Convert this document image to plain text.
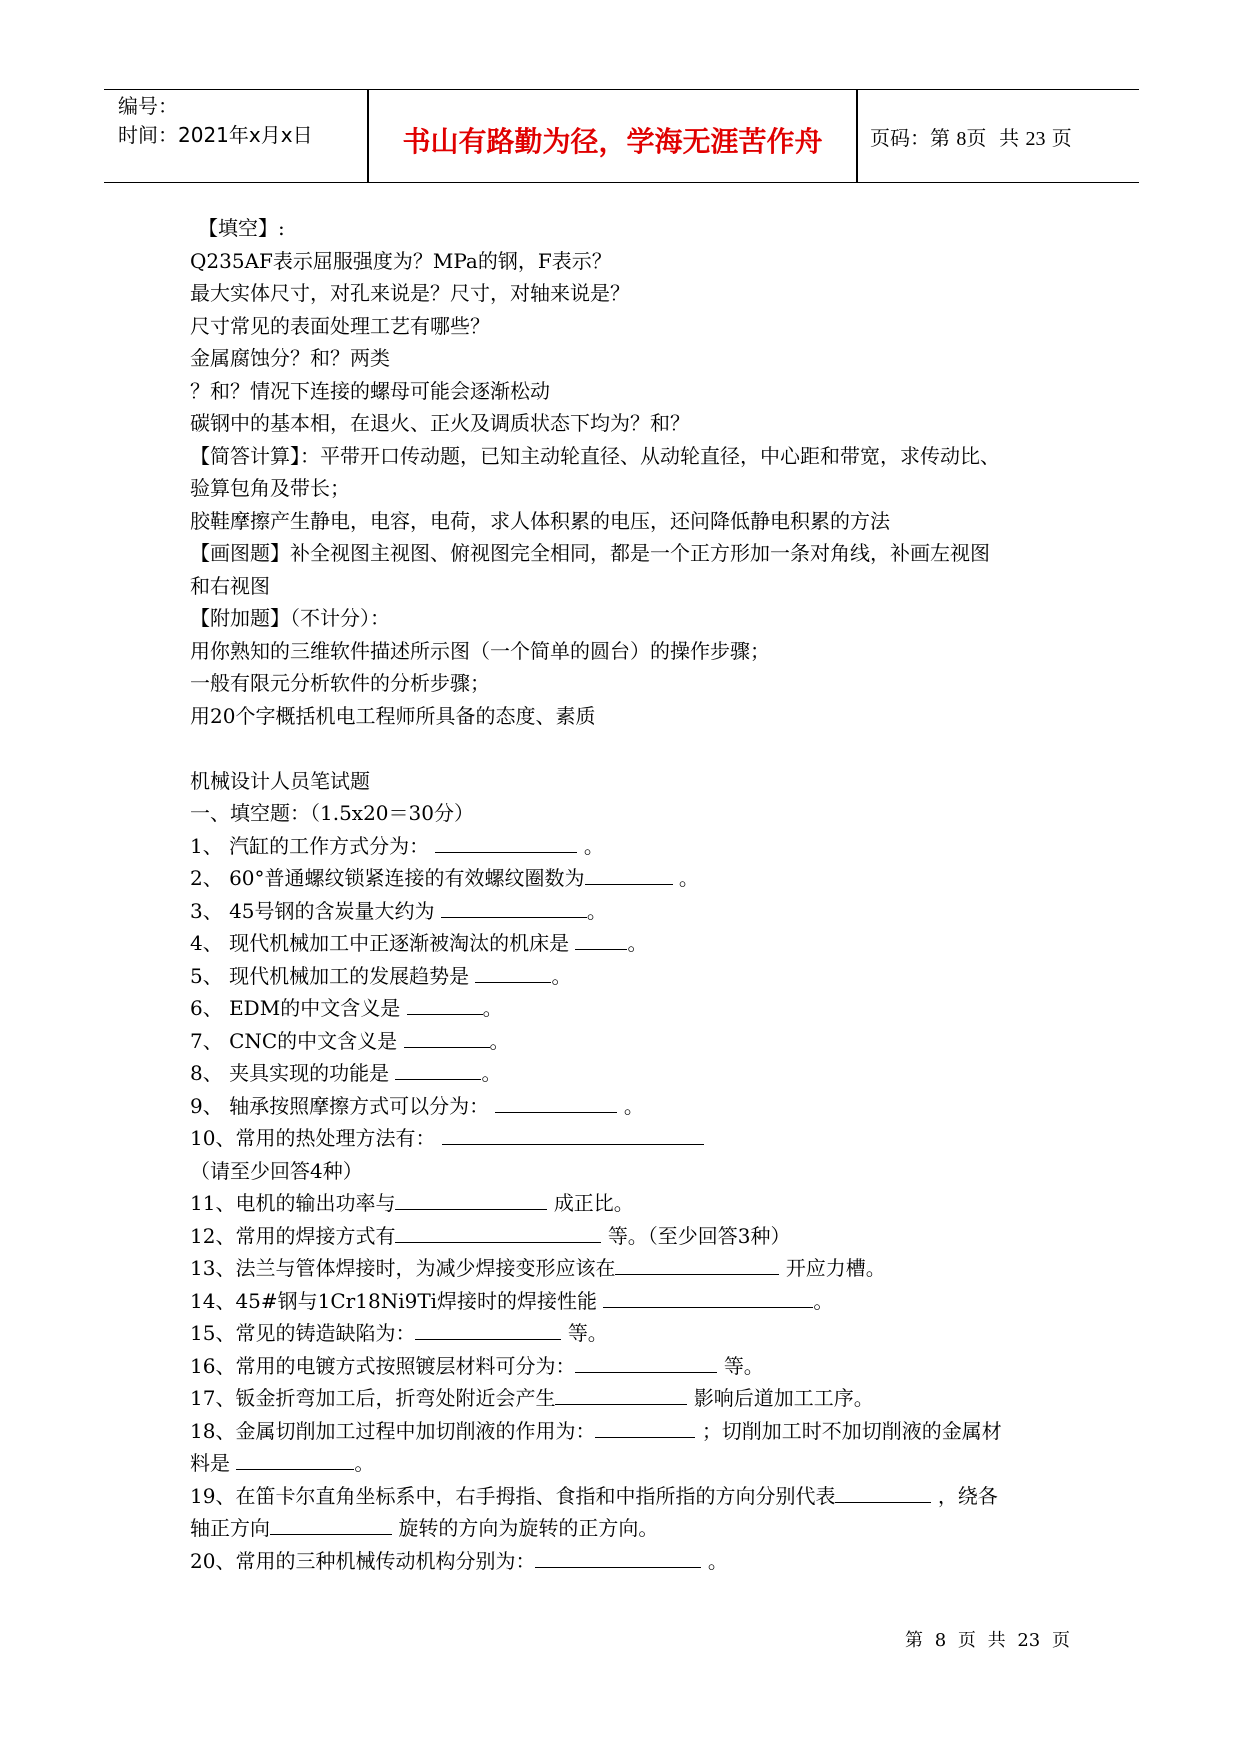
编号：
时间：2021年x月x日	书山有路勤为径，学海无涯苦作舟	页码：第 8页  共 23 页

【填空】:

Q235AF表示屈服强度为？MPa的钢，F表示？

最大实体尺寸，对孔来说是？尺寸，对轴来说是？

尺寸常见的表面处理工艺有哪些？

金属腐蚀分？和？两类

？和？情况下连接的螺母可能会逐渐松动

碳钢中的基本相，在退火、正火及调质状态下均为？和？

【简答计算】：平带开口传动题，已知主动轮直径、从动轮直径，中心距和带宽，求传动比、

验算包角及带长；

胶鞋摩擦产生静电，电容，电荷，求人体积累的电压，还问降低静电积累的方法

【画图题】补全视图主视图、俯视图完全相同，都是一个正方形加一条对角线，补画左视图

和右视图

【附加题】（不计分）：

用你熟知的三维软件描述所示图（一个简单的圆台）的操作步骤；

一般有限元分析软件的分析步骤；

用20个字概括机电工程师所具备的态度、素质

机械设计人员笔试题

一、填空题：（1.5x20＝30分）

1、 汽缸的工作方式分为：	。

2、 60°普通螺纹锁紧连接的有效螺纹圈数为	。

3、 45号钢的含炭量大约为	。

4、 现代机械加工中正逐渐被淘汰的机床是	。

5、 现代机械加工的发展趋势是	。

6、 EDM的中文含义是	。

7、 CNC的中文含义是	。

8、 夹具实现的功能是	。

9、 轴承按照摩擦方式可以分为：	。

10、常用的热处理方法有：

（请至少回答4种）

11、电机的输出功率与	成正比。

12、常用的焊接方式有	等。（至少回答3种）

13、法兰与管体焊接时，为减少焊接变形应该在	开应力槽。

14、45#钢与1Cr18Ni9Ti焊接时的焊接性能	。

15、常见的铸造缺陷为：	等。

16、常用的电镀方式按照镀层材料可分为：	等。

17、钣金折弯加工后，折弯处附近会产生	影响后道加工工序。

18、金属切削加工过程中加切削液的作用为：	；切削加工时不加切削液的金属材

料是	。

19、在笛卡尔直角坐标系中，右手拇指、食指和中指所指的方向分别代表	，绕各

轴正方向	旋转的方向为旋转的正方向。

20、常用的三种机械传动机构分别为：	。

第 8 页 共 23 页
